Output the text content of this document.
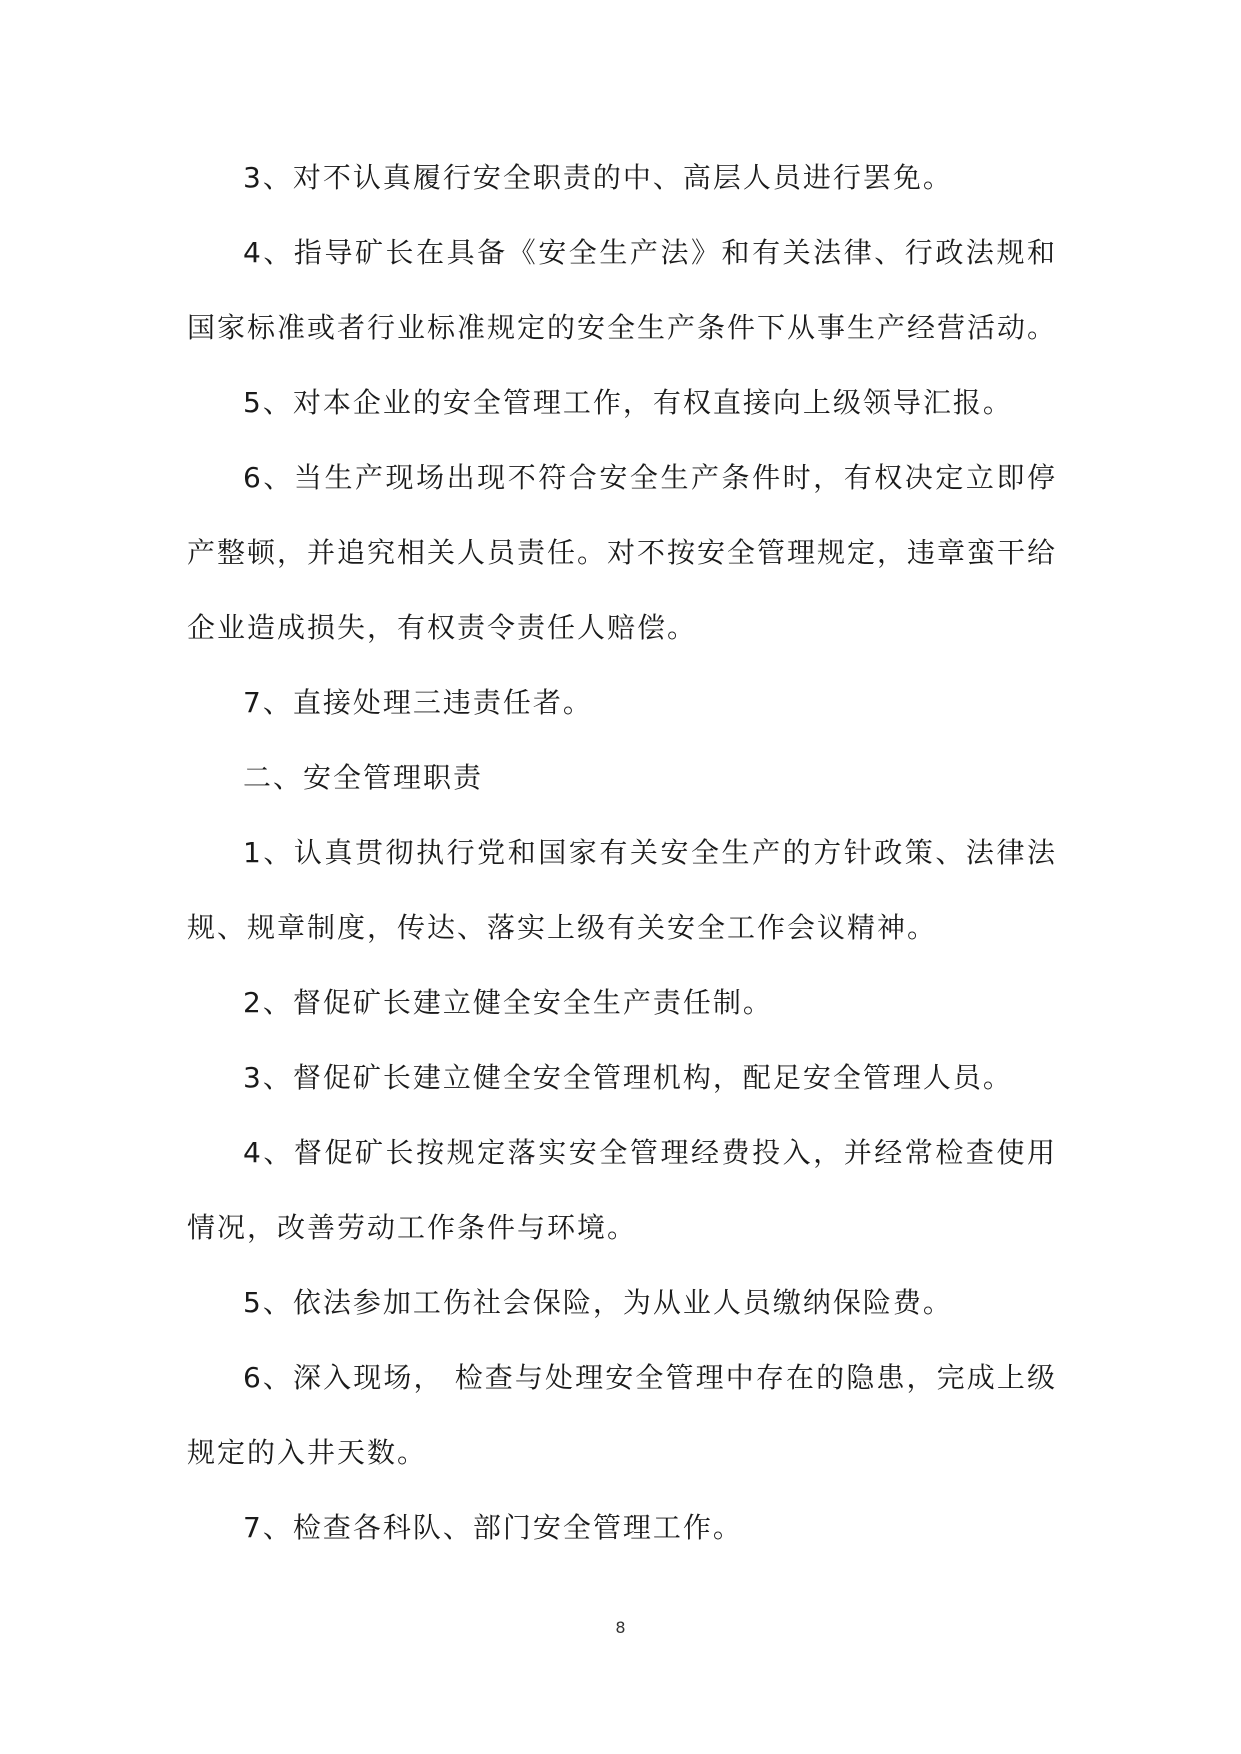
3、对不认真履行安全职责的中、高层人员进行罢免。

4、指导矿长在具备《安全生产法》和有关法律、行政法规和国家标准或者行业标准规定的安全生产条件下从事生产经营活动。

5、对本企业的安全管理工作，有权直接向上级领导汇报。

6、当生产现场出现不符合安全生产条件时，有权决定立即停产整顿，并追究相关人员责任。对不按安全管理规定，违章蛮干给企业造成损失，有权责令责任人赔偿。

7、直接处理三违责任者。

二、安全管理职责

1、认真贯彻执行党和国家有关安全生产的方针政策、法律法规、规章制度，传达、落实上级有关安全工作会议精神。

2、督促矿长建立健全安全生产责任制。

3、督促矿长建立健全安全管理机构，配足安全管理人员。

4、督促矿长按规定落实安全管理经费投入，并经常检查使用情况，改善劳动工作条件与环境。

5、依法参加工伤社会保险，为从业人员缴纳保险费。

6、深入现场， 检查与处理安全管理中存在的隐患，完成上级规定的入井天数。

7、检查各科队、部门安全管理工作。

8
